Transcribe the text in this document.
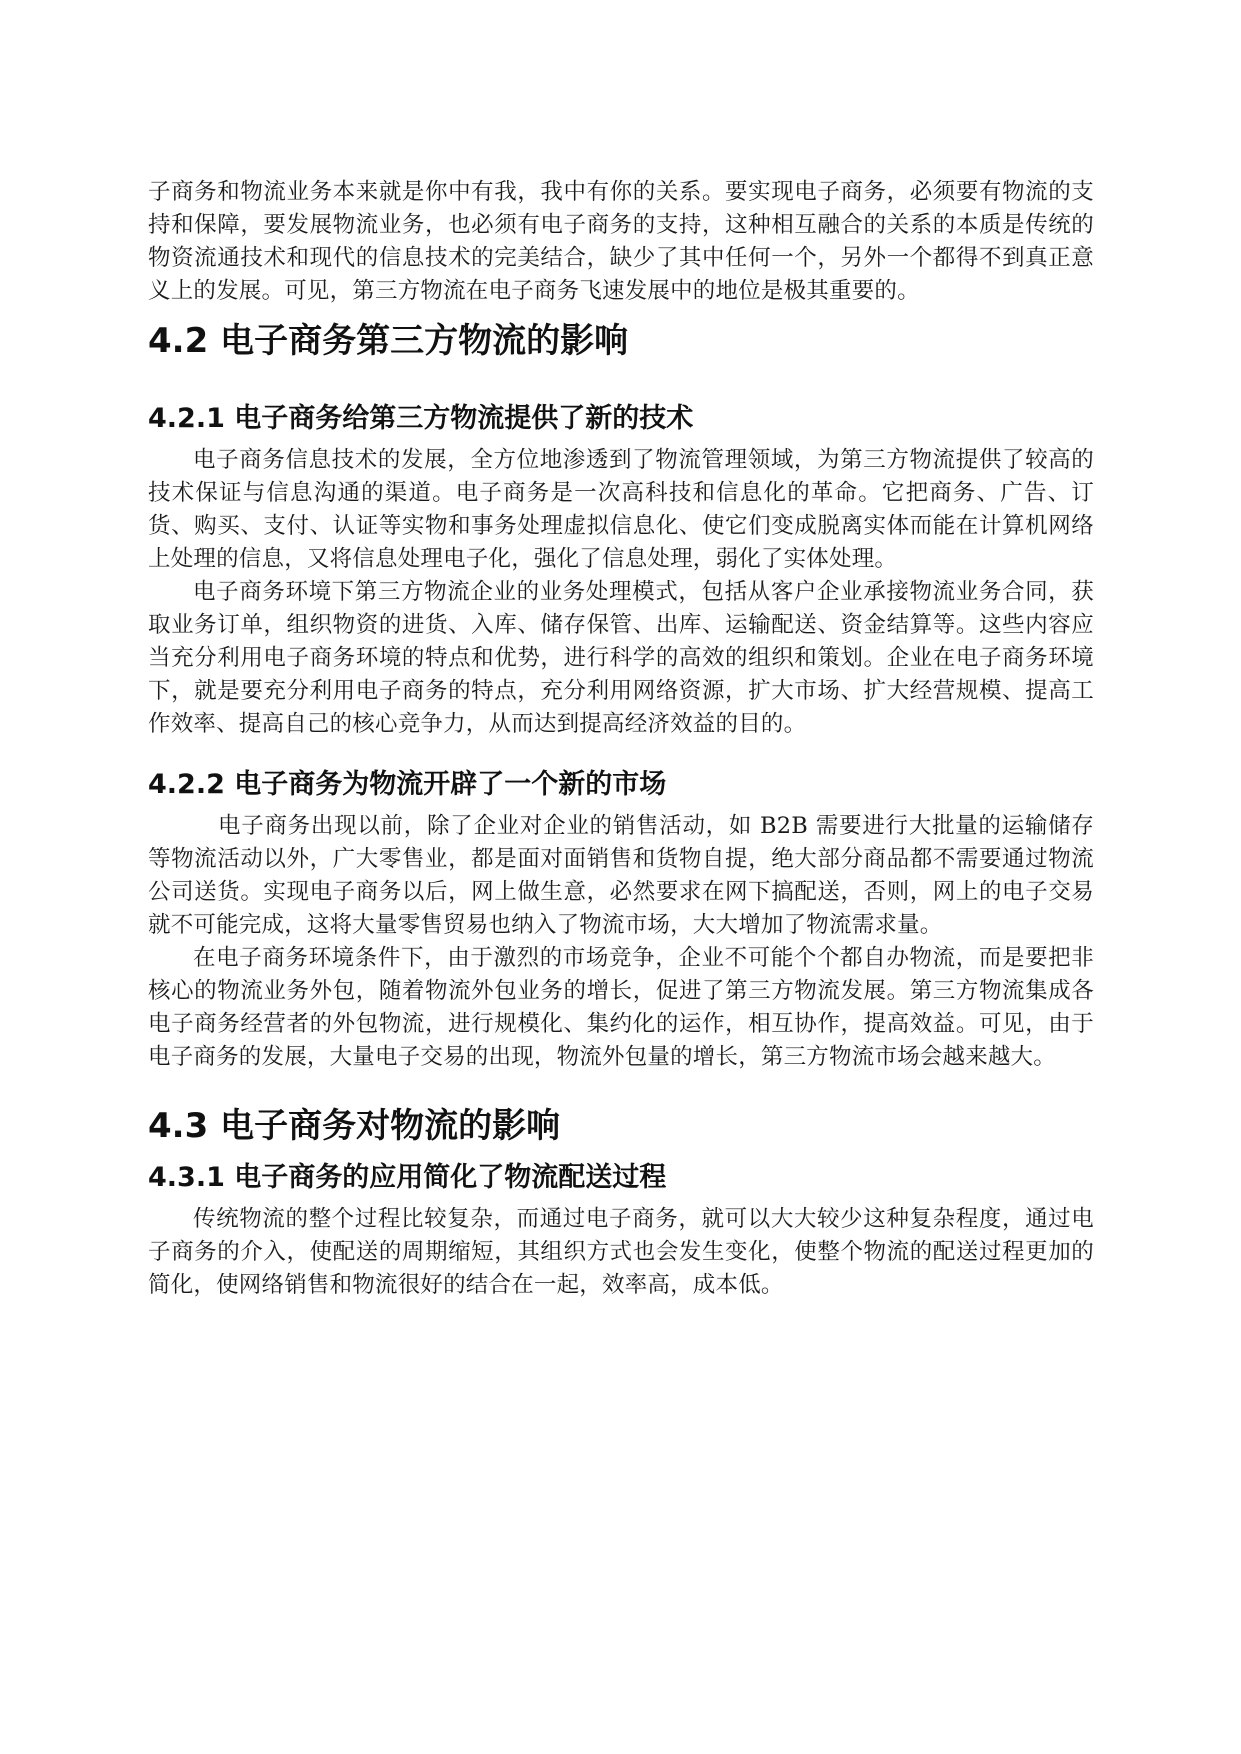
子商务和物流业务本来就是你中有我，我中有你的关系。要实现电子商务，必须要有物流的支持和保障，要发展物流业务，也必须有电子商务的支持，这种相互融合的关系的本质是传统的物资流通技术和现代的信息技术的完美结合，缺少了其中任何一个，另外一个都得不到真正意义上的发展。可见，第三方物流在电子商务飞速发展中的地位是极其重要的。

4.2 电子商务第三方物流的影响
4.2.1 电子商务给第三方物流提供了新的技术

电子商务信息技术的发展，全方位地渗透到了物流管理领域，为第三方物流提供了较高的技术保证与信息沟通的渠道。电子商务是一次高科技和信息化的革命。它把商务、广告、订货、购买、支付、认证等实物和事务处理虚拟信息化、使它们变成脱离实体而能在计算机网络上处理的信息，又将信息处理电子化，强化了信息处理，弱化了实体处理。

电子商务环境下第三方物流企业的业务处理模式，包括从客户企业承接物流业务合同，获取业务订单，组织物资的进货、入库、储存保管、出库、运输配送、资金结算等。这些内容应当充分利用电子商务环境的特点和优势，进行科学的高效的组织和策划。企业在电子商务环境下，就是要充分利用电子商务的特点，充分利用网络资源，扩大市场、扩大经营规模、提高工作效率、提高自己的核心竞争力，从而达到提高经济效益的目的。

4.2.2 电子商务为物流开辟了一个新的市场

电子商务出现以前，除了企业对企业的销售活动，如 B2B 需要进行大批量的运输储存等物流活动以外，广大零售业，都是面对面销售和货物自提，绝大部分商品都不需要通过物流公司送货。实现电子商务以后，网上做生意，必然要求在网下搞配送，否则，网上的电子交易就不可能完成，这将大量零售贸易也纳入了物流市场，大大增加了物流需求量。

在电子商务环境条件下，由于激烈的市场竞争，企业不可能个个都自办物流，而是要把非核心的物流业务外包，随着物流外包业务的增长，促进了第三方物流发展。第三方物流集成各电子商务经营者的外包物流，进行规模化、集约化的运作，相互协作，提高效益。可见，由于电子商务的发展，大量电子交易的出现，物流外包量的增长，第三方物流市场会越来越大。

4.3 电子商务对物流的影响
4.3.1 电子商务的应用简化了物流配送过程

传统物流的整个过程比较复杂，而通过电子商务，就可以大大较少这种复杂程度，通过电子商务的介入，使配送的周期缩短，其组织方式也会发生变化，使整个物流的配送过程更加的简化，使网络销售和物流很好的结合在一起，效率高，成本低。
